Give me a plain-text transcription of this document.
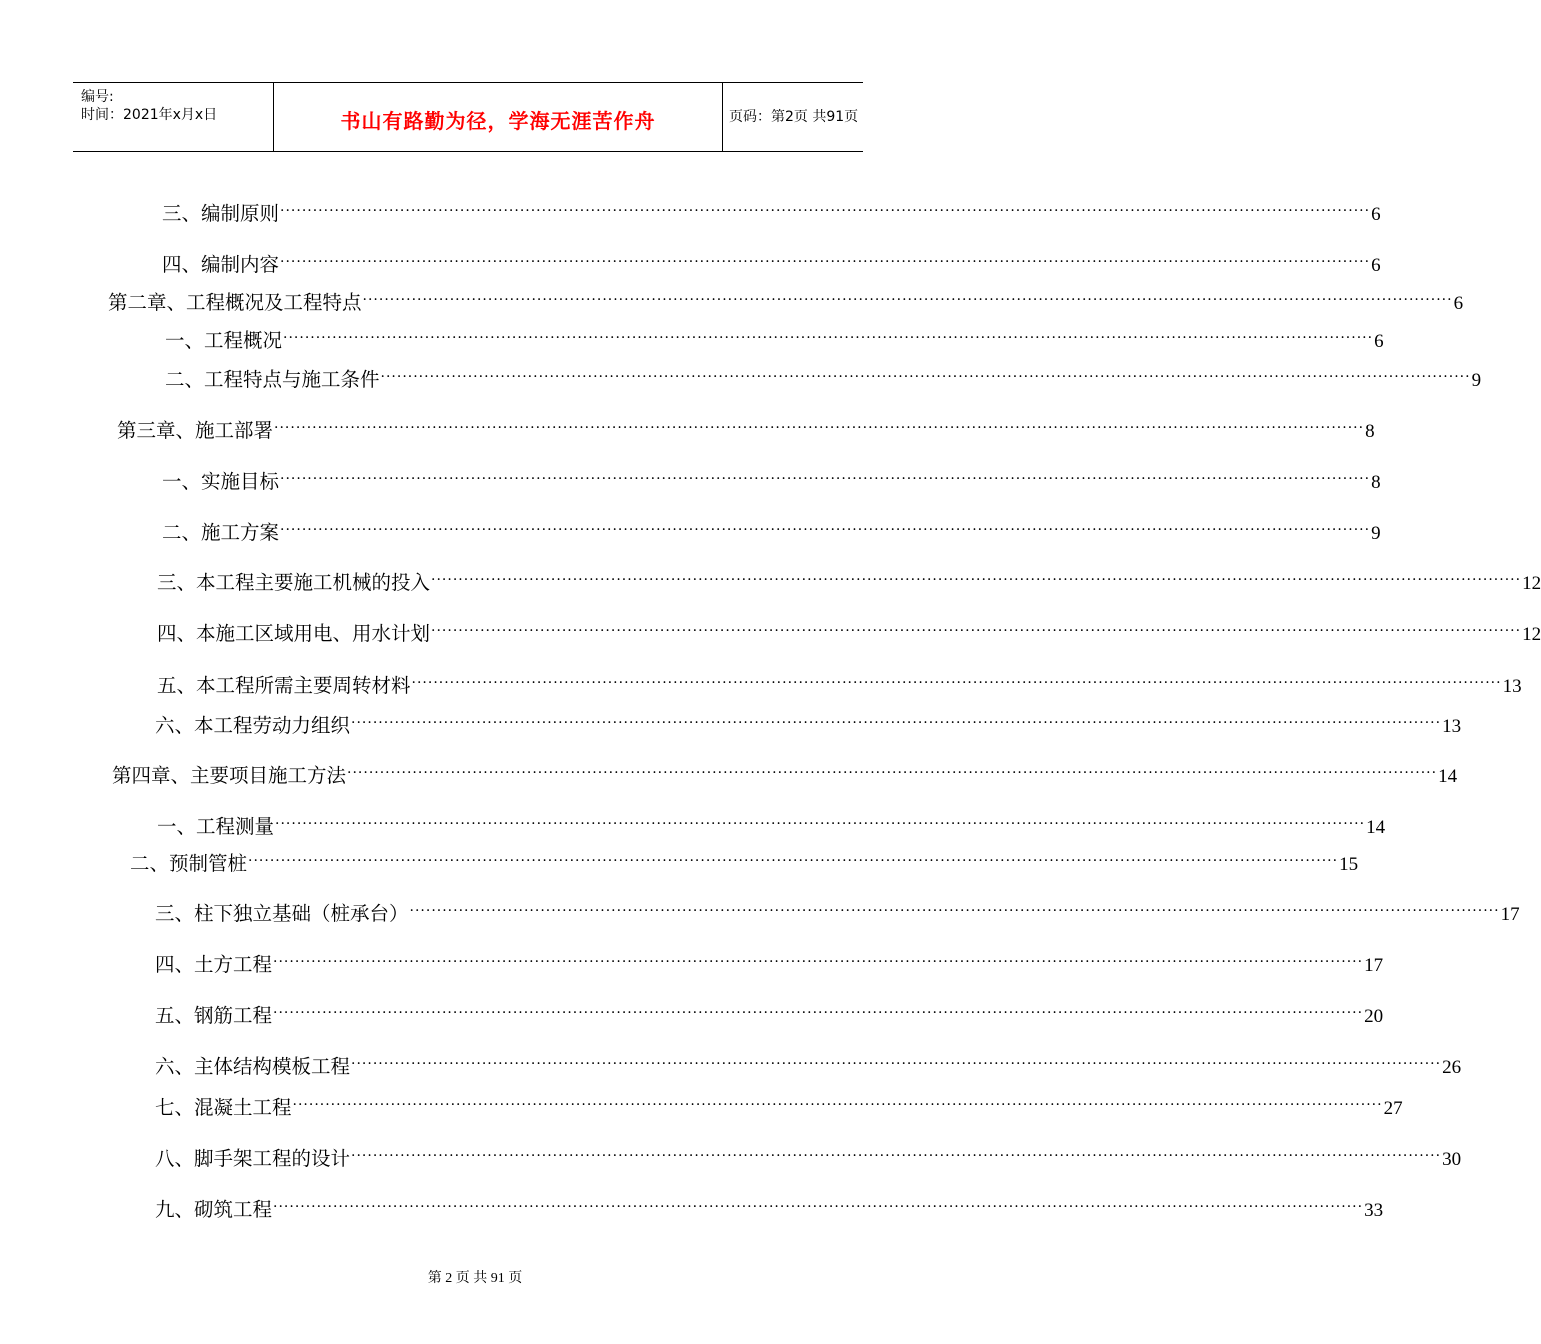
编号:
时间：2021年x月x日	书山有路勤为径，学海无涯苦作舟	页码：第2页 共91页
三、编制原则 ········································································································································································································ 6
四、编制内容 ········································································································································································································ 6
第二章、工程概况及工程特点 ········································································································································································································ 6
一、工程概况 ········································································································································································································ 6
二、工程特点与施工条件 ········································································································································································································ 9
第三章、施工部署 ········································································································································································································ 8
一、实施目标 ········································································································································································································ 8
二、施工方案 ········································································································································································································ 9
三、本工程主要施工机械的投入 ········································································································································································································ 12
四、本施工区域用电、用水计划 ········································································································································································································ 12
五、本工程所需主要周转材料 ········································································································································································································ 13
六、本工程劳动力组织 ········································································································································································································ 13
第四章、主要项目施工方法 ········································································································································································································ 14
一、工程测量 ········································································································································································································ 14
二、预制管桩 ········································································································································································································ 15
三、柱下独立基础（桩承台） ········································································································································································································ 17
四、土方工程 ········································································································································································································ 17
五、钢筋工程 ········································································································································································································ 20
六、主体结构模板工程 ········································································································································································································ 26
七、混凝土工程 ········································································································································································································ 27
八、脚手架工程的设计 ········································································································································································································ 30
九、砌筑工程 ········································································································································································································ 33
第 2 页 共 91 页
